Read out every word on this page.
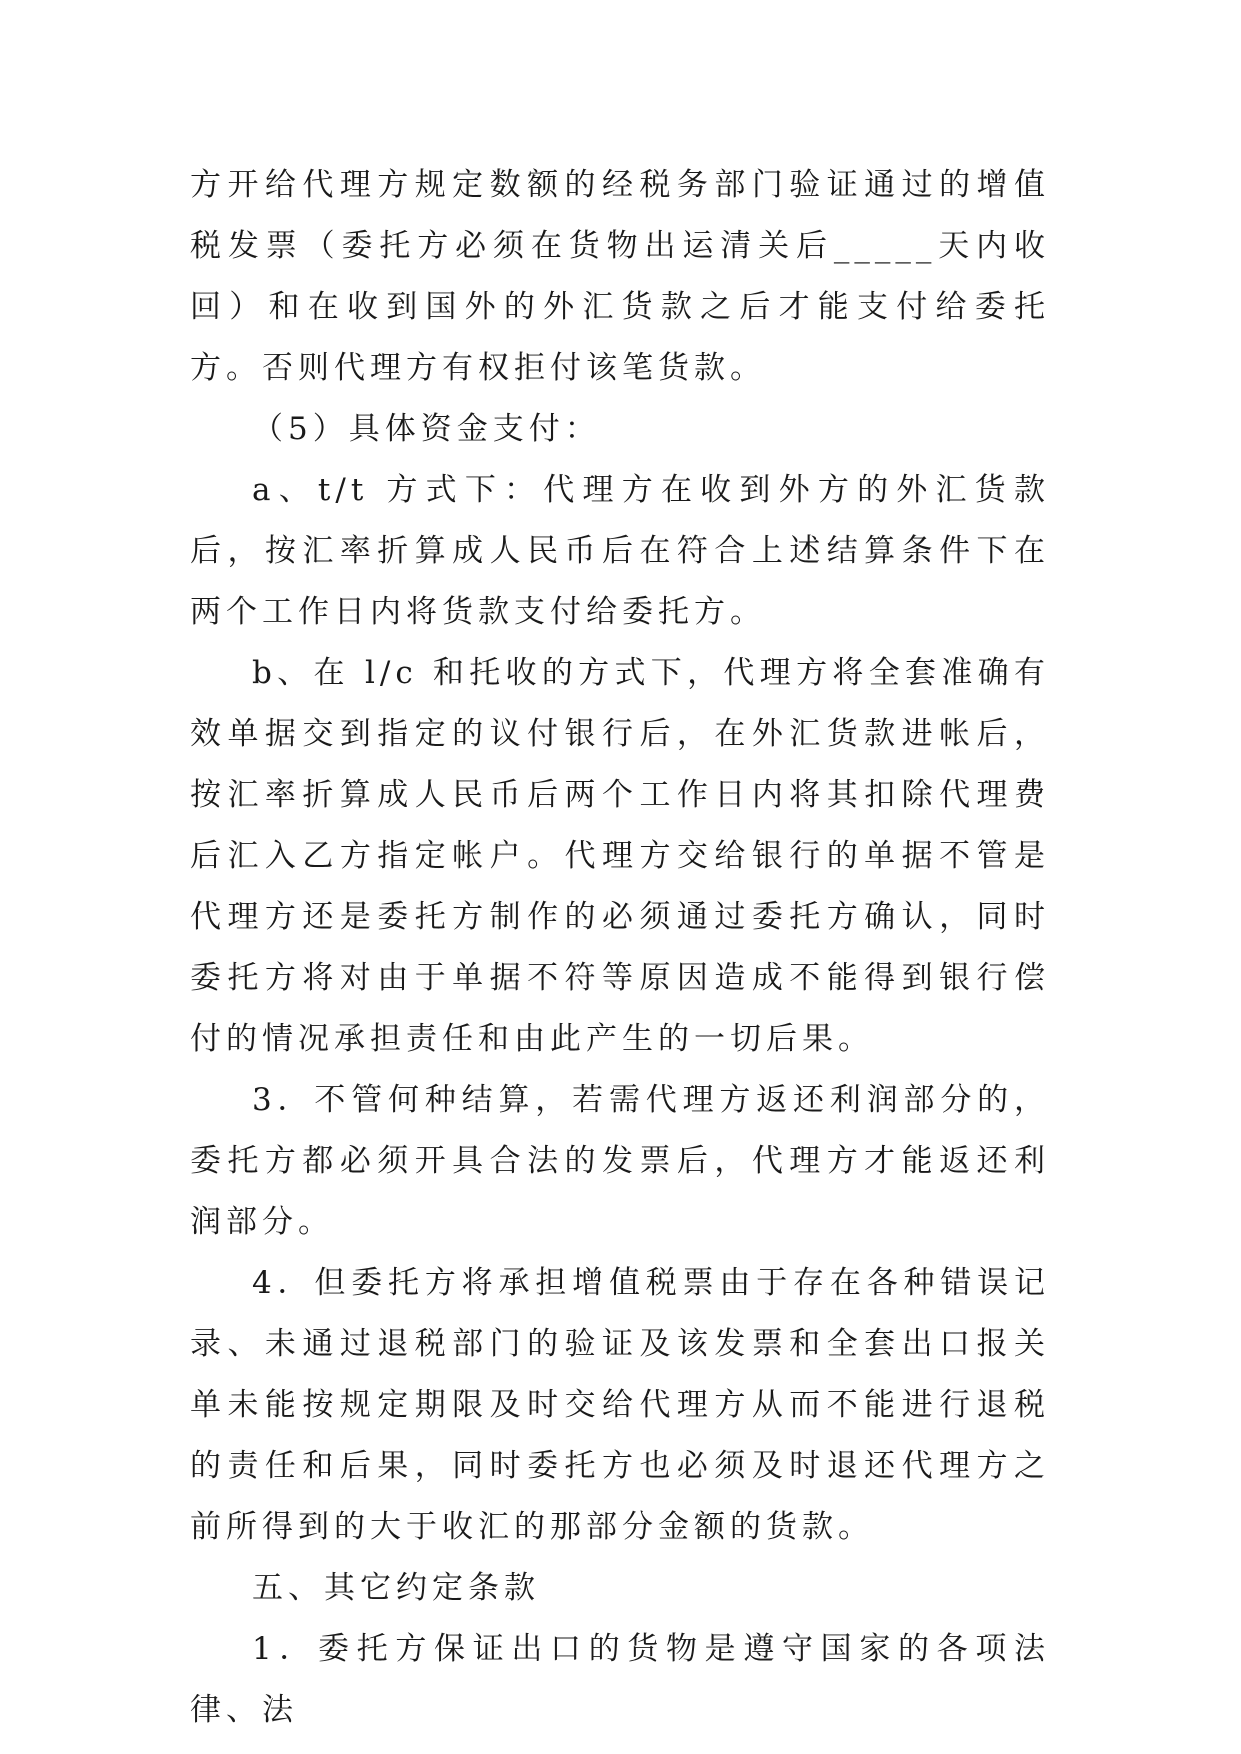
方开给代理方规定数额的经税务部门验证通过的增值税发票（委托方必须在货物出运清关后_____天内收回）和在收到国外的外汇货款之后才能支付给委托方。否则代理方有权拒付该笔货款。

（5）具体资金支付：

a、t/t 方式下：代理方在收到外方的外汇货款后，按汇率折算成人民币后在符合上述结算条件下在两个工作日内将货款支付给委托方。

b、在 l/c 和托收的方式下，代理方将全套准确有效单据交到指定的议付银行后，在外汇货款进帐后，按汇率折算成人民币后两个工作日内将其扣除代理费后汇入乙方指定帐户。代理方交给银行的单据不管是代理方还是委托方制作的必须通过委托方确认，同时委托方将对由于单据不符等原因造成不能得到银行偿付的情况承担责任和由此产生的一切后果。

3．不管何种结算，若需代理方返还利润部分的，委托方都必须开具合法的发票后，代理方才能返还利润部分。

4．但委托方将承担增值税票由于存在各种错误记录、未通过退税部门的验证及该发票和全套出口报关单未能按规定期限及时交给代理方从而不能进行退税的责任和后果，同时委托方也必须及时退还代理方之前所得到的大于收汇的那部分金额的货款。

五、其它约定条款

1．委托方保证出口的货物是遵守国家的各项法律、法
